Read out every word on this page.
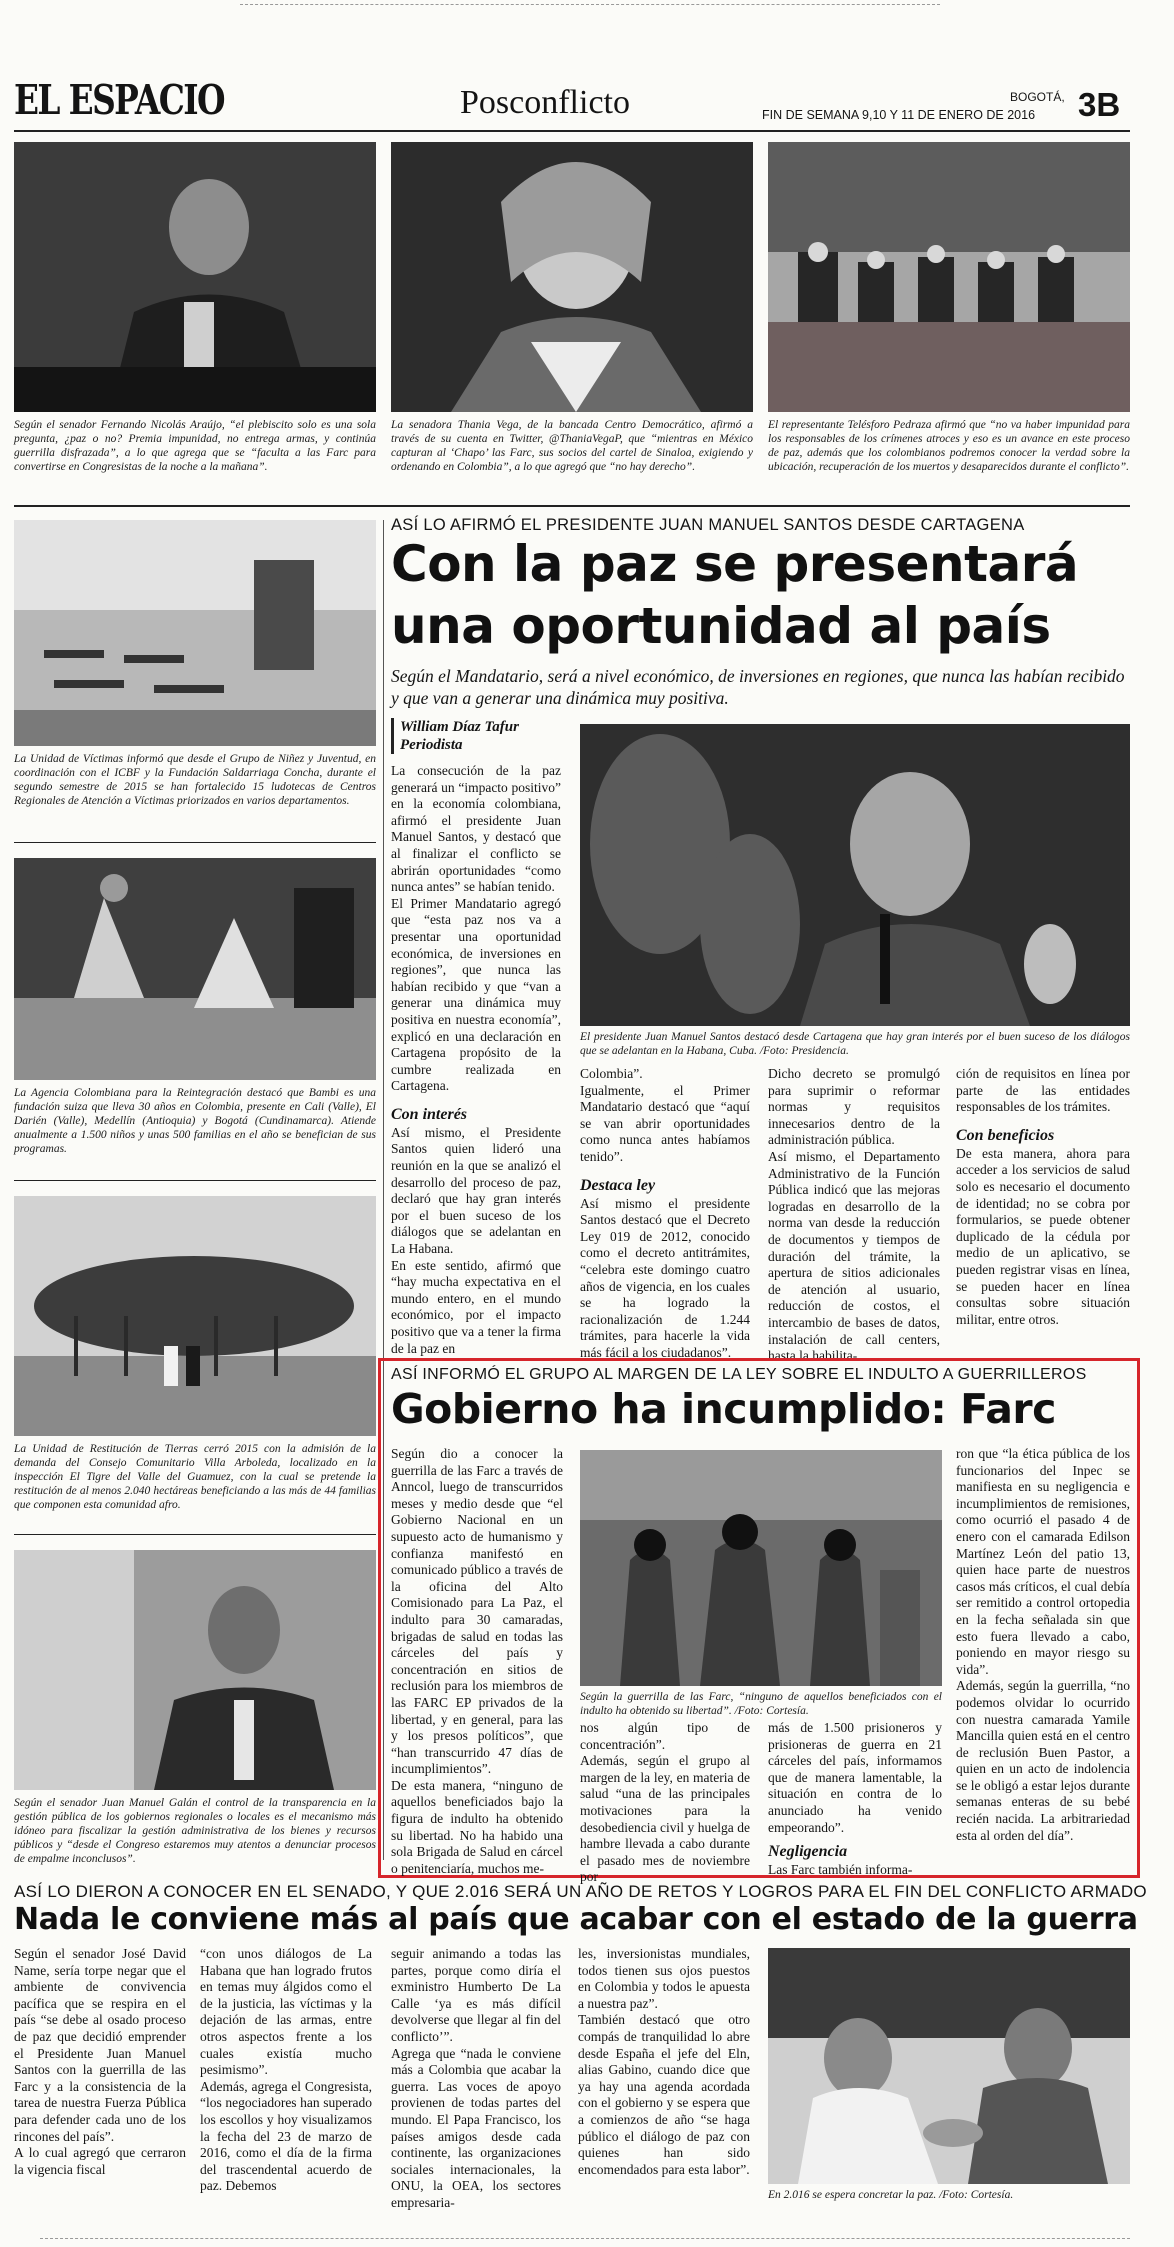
EL ESPACIO	Posconflicto	BOGOTÁ,
FIN DE SEMANA 9,10 Y 11 DE ENERO DE 2016 3B
Según el senador Fernando Nicolás Araújo, “el plebiscito solo es una sola pregunta, ¿paz o no? Premia impunidad, no entrega armas, y continúa guerrilla disfrazada”, a lo que agrega que se “faculta a las Farc para convertirse en Congresistas de la noche a la mañana”.
La senadora Thania Vega, de la bancada Centro Democrático, afirmó a través de su cuenta en Twitter, @ThaniaVegaP, que “mientras en México capturan al ‘Chapo’ las Farc, sus socios del cartel de Sinaloa, exigiendo y ordenando en Colombia”, a lo que agregó que “no hay derecho”.
El representante Telésforo Pedraza afirmó que “no va haber impunidad para los responsables de los crímenes atroces y eso es un avance en este proceso de paz, además que los colombianos podremos conocer la verdad sobre la ubicación, recuperación de los muertos y desaparecidos durante el conflicto”.
La Unidad de Víctimas informó que desde el Grupo de Niñez y Juventud, en coordinación con el ICBF y la Fundación Saldarriaga Concha, durante el segundo semestre de 2015 se han fortalecido 15 ludotecas de Centros Regionales de Atención a Víctimas priorizados en varios departamentos.
La Agencia Colombiana para la Reintegración destacó que Bambi es una fundación suiza que lleva 30 años en Colombia, presente en Cali (Valle), El Darién (Valle), Medellín (Antioquia) y Bogotá (Cundinamarca). Atiende anualmente a 1.500 niños y unas 500 familias en el año se benefician de sus programas.
La Unidad de Restitución de Tierras cerró 2015 con la admisión de la demanda del Consejo Comunitario Villa Arboleda, localizado en la inspección El Tigre del Valle del Guamuez, con la cual se pretende la restitución de al menos 2.040 hectáreas beneficiando a las más de 44 familias que componen esta comunidad afro.
Según el senador Juan Manuel Galán el control de la transparencia en la gestión pública de los gobiernos regionales o locales es el mecanismo más idóneo para fiscalizar la gestión administrativa de los bienes y recursos públicos y “desde el Congreso estaremos muy atentos a denunciar procesos de empalme inconclusos”.
ASÍ LO AFIRMÓ EL PRESIDENTE JUAN MANUEL SANTOS DESDE CARTAGENA
Con la paz se presentará
una oportunidad al país
Según el Mandatario, será a nivel económico, de inversiones en regiones, que nunca las habían recibido y que van a generar una dinámica muy positiva.
William Díaz Tafur
Periodista
El presidente Juan Manuel Santos destacó desde Cartagena que hay gran interés por el buen suceso de los diálogos que se adelantan en la Habana, Cuba. /Foto: Presidencia.

La consecución de la paz generará un “impacto positivo” en la economía colombiana, afirmó el presidente Juan Manuel Santos, y destacó que al finalizar el conflicto se abrirán oportunidades “como nunca antes” se habían tenido.

El Primer Mandatario agregó que “esta paz nos va a presentar una oportunidad económica, de inversiones en regiones”, que nunca las habían recibido y que “van a generar una dinámica muy positiva en nuestra economía”, explicó en una declaración en Cartagena propósito de la cumbre realizada en Cartagena.

Con interés

Así mismo, el Presidente Santos quien lideró una reunión en la que se analizó el desarrollo del proceso de paz, declaró que hay gran interés por el buen suceso de los diálogos que se adelantan en La Habana.

En este sentido, afirmó que “hay mucha expectativa en el mundo entero, en el mundo económico, por el impacto positivo que va a tener la firma de la paz en

Colombia”.

Igualmente, el Primer Mandatario destacó que “aquí se van abrir oportunidades como nunca antes habíamos tenido”.

Destaca ley

Así mismo el presidente Santos destacó que el Decreto Ley 019 de 2012, conocido como el decreto antitrámites, “celebra este domingo cuatro años de vigencia, en los cuales se ha logrado la racionalización de 1.244 trámites, para hacerle la vida más fácil a los ciudadanos”.

Dicho decreto se promulgó para suprimir o reformar normas y requisitos innecesarios dentro de la administración pública.

Así mismo, el Departamento Administrativo de la Función Pública indicó que las mejoras logradas en desarrollo de la norma van desde la reducción de documentos y tiempos de duración del trámite, la apertura de sitios adicionales de atención al usuario, reducción de costos, el intercambio de bases de datos, instalación de call centers, hasta la habilita-

ción de requisitos en línea por parte de las entidades responsables de los trámites.

Con beneficios

De esta manera, ahora para acceder a los servicios de salud solo es necesario el documento de identidad; no se cobra por formularios, se puede obtener duplicado de la cédula por medio de un aplicativo, se pueden registrar visas en línea, se pueden hacer en línea consultas sobre situación militar, entre otros.

ASÍ INFORMÓ EL GRUPO AL MARGEN DE LA LEY SOBRE EL INDULTO A GUERRILLEROS
Gobierno ha incumplido: Farc
Según la guerrilla de las Farc, “ninguno de aquellos beneficiados con el indulto ha obtenido su libertad”. /Foto: Cortesía.

Según dio a conocer la guerrilla de las Farc a través de Anncol, luego de transcurridos meses y medio desde que “el Gobierno Nacional en un supuesto acto de humanismo y confianza manifestó en comunicado público a través de la oficina del Alto Comisionado para La Paz, el indulto para 30 camaradas, brigadas de salud en todas las cárceles del país y concentración en sitios de reclusión para los miembros de las FARC EP privados de la libertad, y en general, para las y los presos políticos”, que “han transcurrido 47 días de incumplimientos”.

De esta manera, “ninguno de aquellos beneficiados bajo la figura de indulto ha obtenido su libertad. No ha habido una sola Brigada de Salud en cárcel o penitenciaría, muchos me-

nos algún tipo de concentración”.

Además, según el grupo al margen de la ley, en materia de salud “una de las principales motivaciones para la desobediencia civil y huelga de hambre llevada a cabo durante el pasado mes de noviembre por

más de 1.500 prisioneros y prisioneras de guerra en 21 cárceles del país, informamos que de manera lamentable, la situación en contra de lo anunciado ha venido empeorando”.

Negligencia

Las Farc también informa-

ron que “la ética pública de los funcionarios del Inpec se manifiesta en su negligencia e incumplimientos de remisiones, como ocurrió el pasado 4 de enero con el camarada Edilson Martínez León del patio 13, quien hace parte de nuestros casos más críticos, el cual debía ser remitido a control ortopedia en la fecha señalada sin que esto fuera llevado a cabo, poniendo en mayor riesgo su vida”.

Además, según la guerrilla, “no podemos olvidar lo ocurrido con nuestra camarada Yamile Mancilla quien está en el centro de reclusión Buen Pastor, a quien en un acto de indolencia se le obligó a estar lejos durante semanas enteras de su bebé recién nacida. La arbitrariedad esta al orden del día”.

ASÍ LO DIERON A CONOCER EN EL SENADO, Y QUE 2.016 SERÁ UN AÑO DE RETOS Y LOGROS PARA EL FIN DEL CONFLICTO ARMADO
Nada le conviene más al país que acabar con el estado de la guerra

Según el senador José David Name, sería torpe negar que el ambiente de convivencia pacífica que se respira en el país “se debe al osado proceso de paz que decidió emprender el Presidente Juan Manuel Santos con la guerrilla de las Farc y a la consistencia de la tarea de nuestra Fuerza Pública para defender cada uno de los rincones del país”.

A lo cual agregó que cerraron la vigencia fiscal

“con unos diálogos de La Habana que han logrado frutos en temas muy álgidos como el de la justicia, las víctimas y la dejación de las armas, entre otros aspectos frente a los cuales existía mucho pesimismo”.

Además, agrega el Congresista, “los negociadores han superado los escollos y hoy visualizamos la fecha del 23 de marzo de 2016, como el día de la firma del trascendental acuerdo de paz. Debemos

seguir animando a todas las partes, porque como diría el exministro Humberto De La Calle ‘ya es más difícil devolverse que llegar al fin del conflicto’”.

Agrega que “nada le conviene más a Colombia que acabar la guerra. Las voces de apoyo provienen de todas partes del mundo. El Papa Francisco, los países amigos desde cada continente, las organizaciones sociales internacionales, la ONU, la OEA, los sectores empresaria-

les, inversionistas mundiales, todos tienen sus ojos puestos en Colombia y todos le apuesta a nuestra paz”.

También destacó que otro compás de tranquilidad lo abre desde España el jefe del Eln, alias Gabino, cuando dice que ya hay una agenda acordada con el gobierno y se espera que a comienzos de año “se haga público el diálogo de paz con quienes han sido encomendados para esta labor”.

En 2.016 se espera concretar la paz. /Foto: Cortesía.
